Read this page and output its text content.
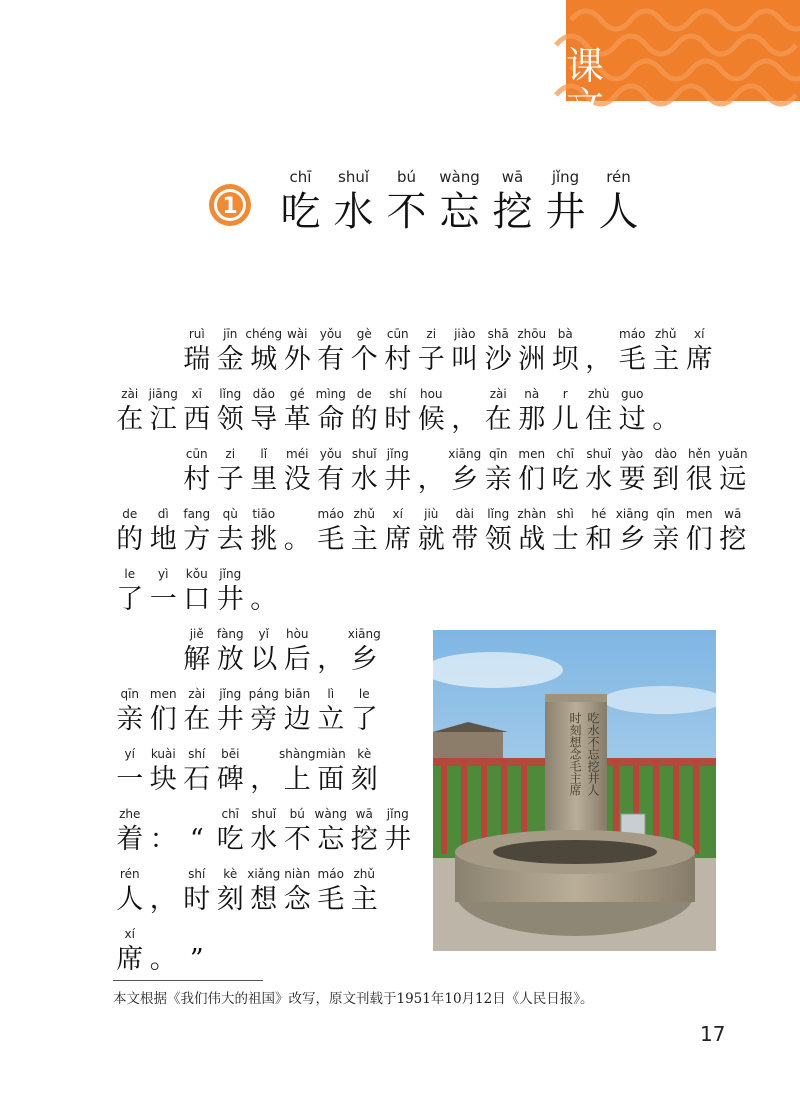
课 文
1
chī
吃
shuǐ
水
bú
不
wàng
忘
wā
挖
jǐng
井
rén
人
ruì
瑞
jīn
金
chéng
城
wài
外
yǒu
有
gè
个
cūn
村
zi
子
jiào
叫
shā
沙
zhōu
洲
bà
坝 ，
máo
毛
zhǔ
主
xí
席
zài
在
jiāng
江
xī
西
lǐng
领
dǎo
导
gé
革
mìng
命
de
的
shí
时
hou
候 ，
zài
在
nà
那
r
儿
zhù
住
guo
过 。
cūn
村
zi
子
lǐ
里
méi
没
yǒu
有
shuǐ
水
jǐng
井 ，
xiāng
乡
qīn
亲
men
们
chī
吃
shuǐ
水
yào
要
dào
到
hěn
很
yuǎn
远
de
的
dì
地
fang
方
qù
去
tiāo
挑 。
máo
毛
zhǔ
主
xí
席
jiù
就
dài
带
lǐng
领
zhàn
战
shì
士
hé
和
xiāng
乡
qīn
亲
men
们
wā
挖
le
了
yì
一
kǒu
口
jǐng
井 。
jiě
解
fàng
放
yǐ
以
hòu
后 ，
xiāng
乡
qīn
亲
men
们
zài
在
jǐng
井
páng
旁
biān
边
lì
立
le
了
yí
一
kuài
块
shí
石
bēi
碑 ，
shàng
上
miàn
面
kè
刻
zhe
着 ： “
chī
吃
shuǐ
水
bú
不
wàng
忘
wā
挖
jǐng
井
rén
人 ，
shí
时
kè
刻
xiǎng
想
niàn
念
máo
毛
zhǔ
主
xí
席 。 ”
吃水不忘挖井人
时刻想念毛主席
本文根据《我们伟大的祖国》改写，原文刊载于1951年10月12日《人民日报》。
17
